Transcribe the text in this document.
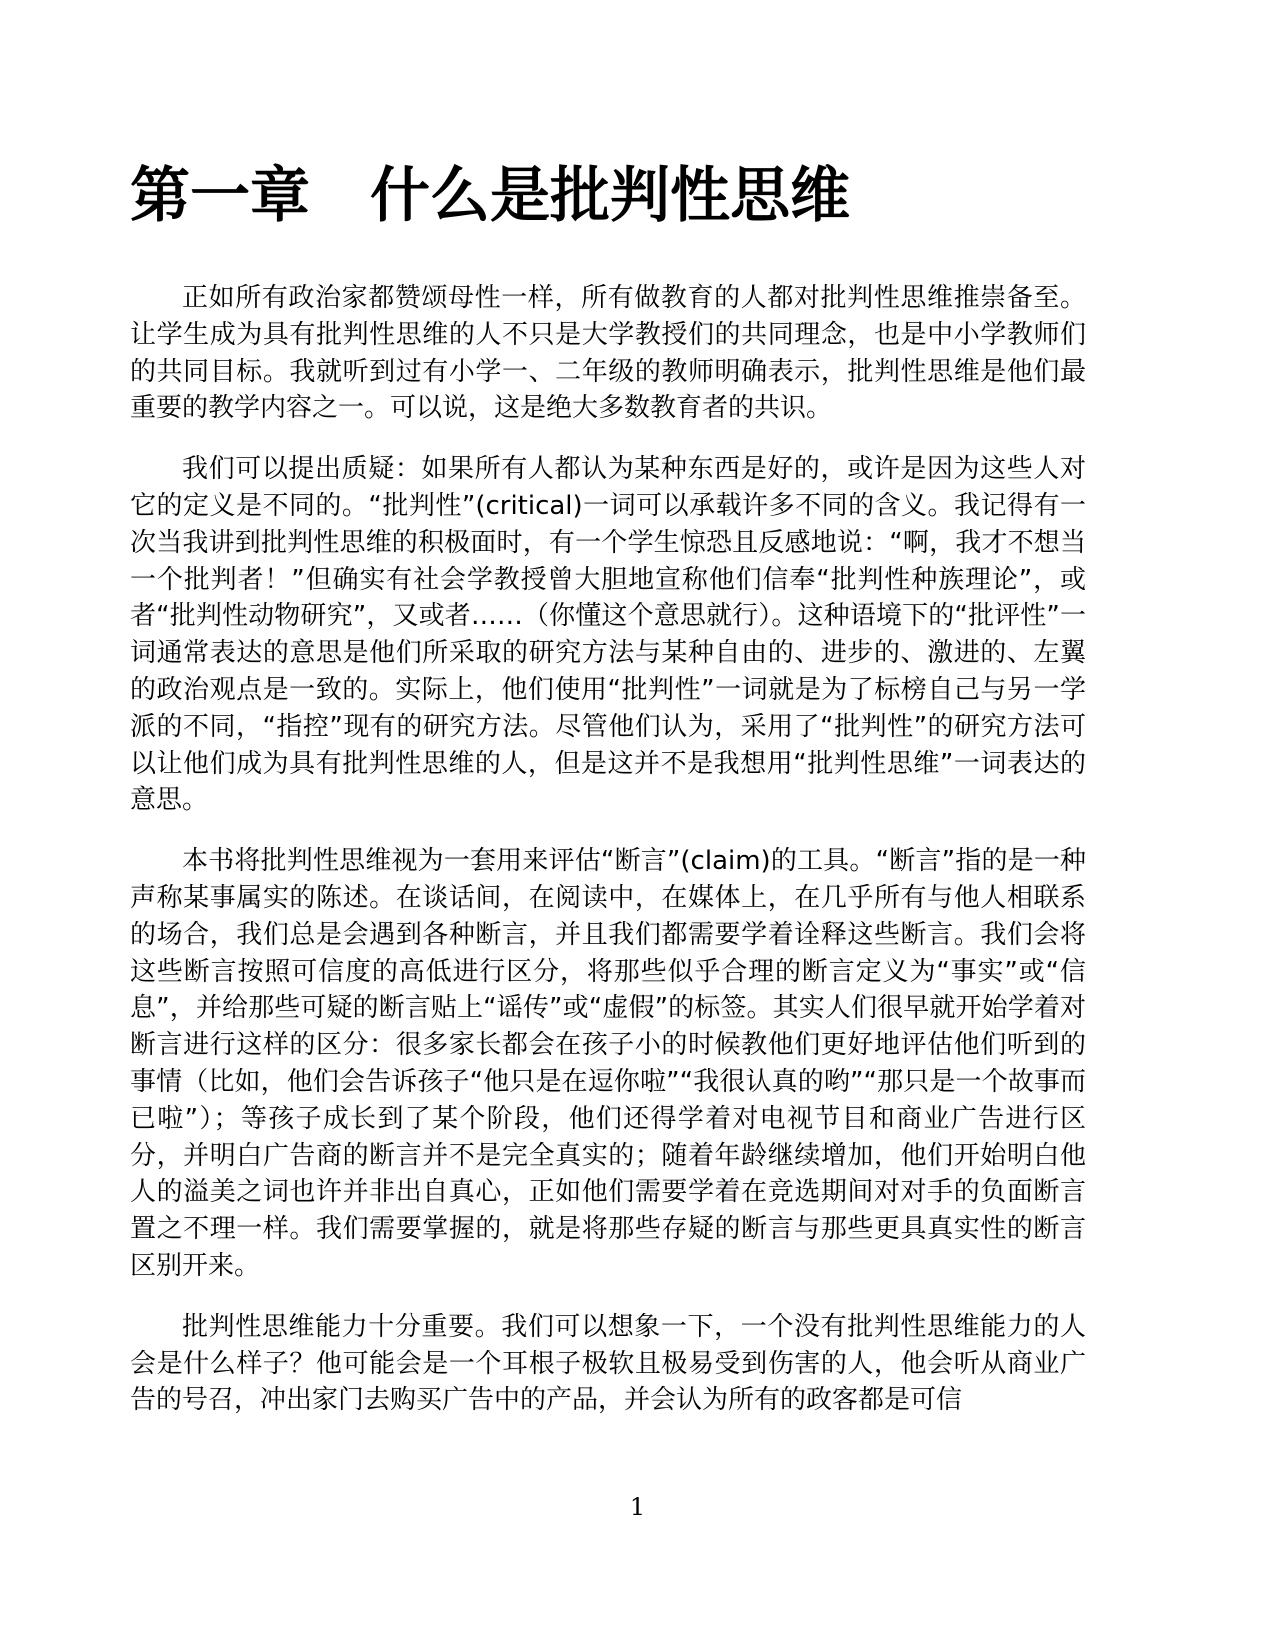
第一章　什么是批判性思维

正如所有政治家都赞颂母性一样，所有做教育的人都对批判性思维推崇备至。让学生成为具有批判性思维的人不只是大学教授们的共同理念，也是中小学教师们的共同目标。我就听到过有小学一、二年级的教师明确表示，批判性思维是他们最重要的教学内容之一。可以说，这是绝大多数教育者的共识。

我们可以提出质疑：如果所有人都认为某种东西是好的，或许是因为这些人对它的定义是不同的。“批判性”(critical)一词可以承载许多不同的含义。我记得有一次当我讲到批判性思维的积极面时，有一个学生惊恐且反感地说：“啊，我才不想当一个批判者！”但确实有社会学教授曾大胆地宣称他们信奉“批判性种族理论”，或者“批判性动物研究”，又或者……（你懂这个意思就行）。这种语境下的“批评性”一词通常表达的意思是他们所采取的研究方法与某种自由的、进步的、激进的、左翼的政治观点是一致的。实际上，他们使用“批判性”一词就是为了标榜自己与另一学派的不同，“指控”现有的研究方法。尽管他们认为，采用了“批判性”的研究方法可以让他们成为具有批判性思维的人，但是这并不是我想用“批判性思维”一词表达的意思。

本书将批判性思维视为一套用来评估“断言”(claim)的工具。“断言”指的是一种声称某事属实的陈述。在谈话间，在阅读中，在媒体上，在几乎所有与他人相联系的场合，我们总是会遇到各种断言，并且我们都需要学着诠释这些断言。我们会将这些断言按照可信度的高低进行区分，将那些似乎合理的断言定义为“事实”或“信息”，并给那些可疑的断言贴上“谣传”或“虚假”的标签。其实人们很早就开始学着对断言进行这样的区分：很多家长都会在孩子小的时候教他们更好地评估他们听到的事情（比如，他们会告诉孩子“他只是在逗你啦”“我很认真的哟”“那只是一个故事而已啦”）；等孩子成长到了某个阶段，他们还得学着对电视节目和商业广告进行区分，并明白广告商的断言并不是完全真实的；随着年龄继续增加，他们开始明白他人的溢美之词也许并非出自真心，正如他们需要学着在竞选期间对对手的负面断言置之不理一样。我们需要掌握的，就是将那些存疑的断言与那些更具真实性的断言区别开来。

批判性思维能力十分重要。我们可以想象一下，一个没有批判性思维能力的人会是什么样子？他可能会是一个耳根子极软且极易受到伤害的人，他会听从商业广告的号召，冲出家门去购买广告中的产品，并会认为所有的政客都是可信

1
